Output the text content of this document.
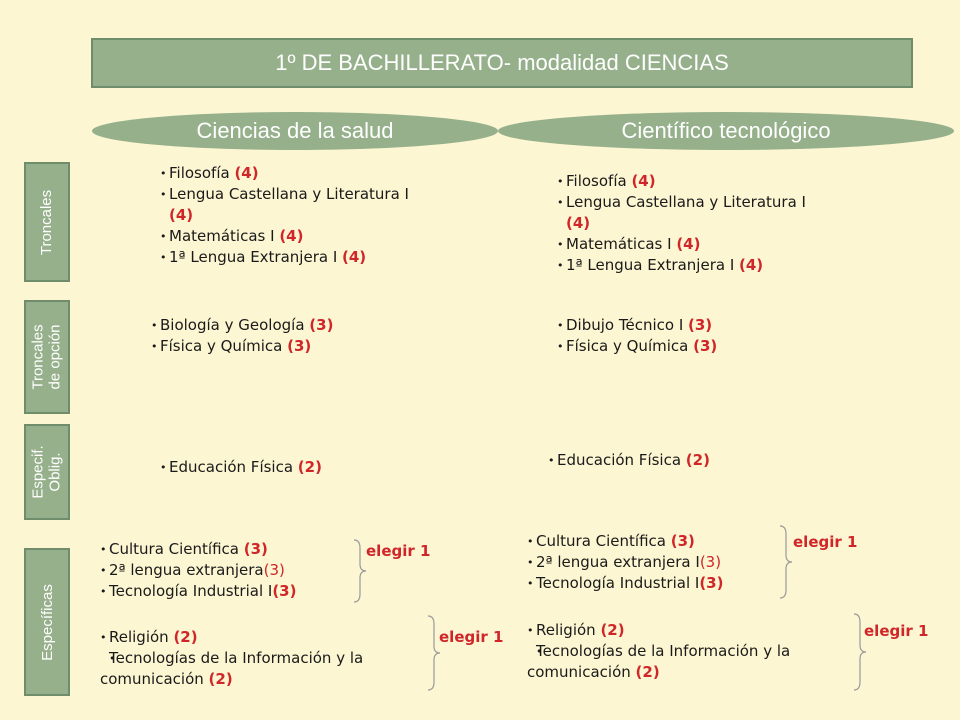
1º DE BACHILLERATO- modalidad CIENCIAS
Ciencias de la salud	Científico tecnológico
Troncales
Troncales
de opción
Especif.
Oblig.
Específicas
• Filosofía (4)
• Lengua Castellana y Literatura I (4)
• Matemáticas I (4)
• 1ª Lengua Extranjera I (4)
• Biología y Geología (3)
• Física y Química (3)
• Educación Física (2)
• Cultura Científica (3)
• 2ª lengua extranjera(3)
• Tecnología Industrial I(3)
elegir 1
• Religión (2)
• Tecnologías de la Información y la comunicación (2)
elegir 1
• Filosofía (4)
• Lengua Castellana y Literatura I (4)
• Matemáticas I (4)
• 1ª Lengua Extranjera I (4)
• Dibujo Técnico I (3)
• Física y Química (3)
• Educación Física (2)
• Cultura Científica (3)
• 2ª lengua extranjera I(3)
• Tecnología Industrial I(3)
elegir 1
• Religión (2)
• Tecnologías de la Información y la comunicación (2)
elegir 1
